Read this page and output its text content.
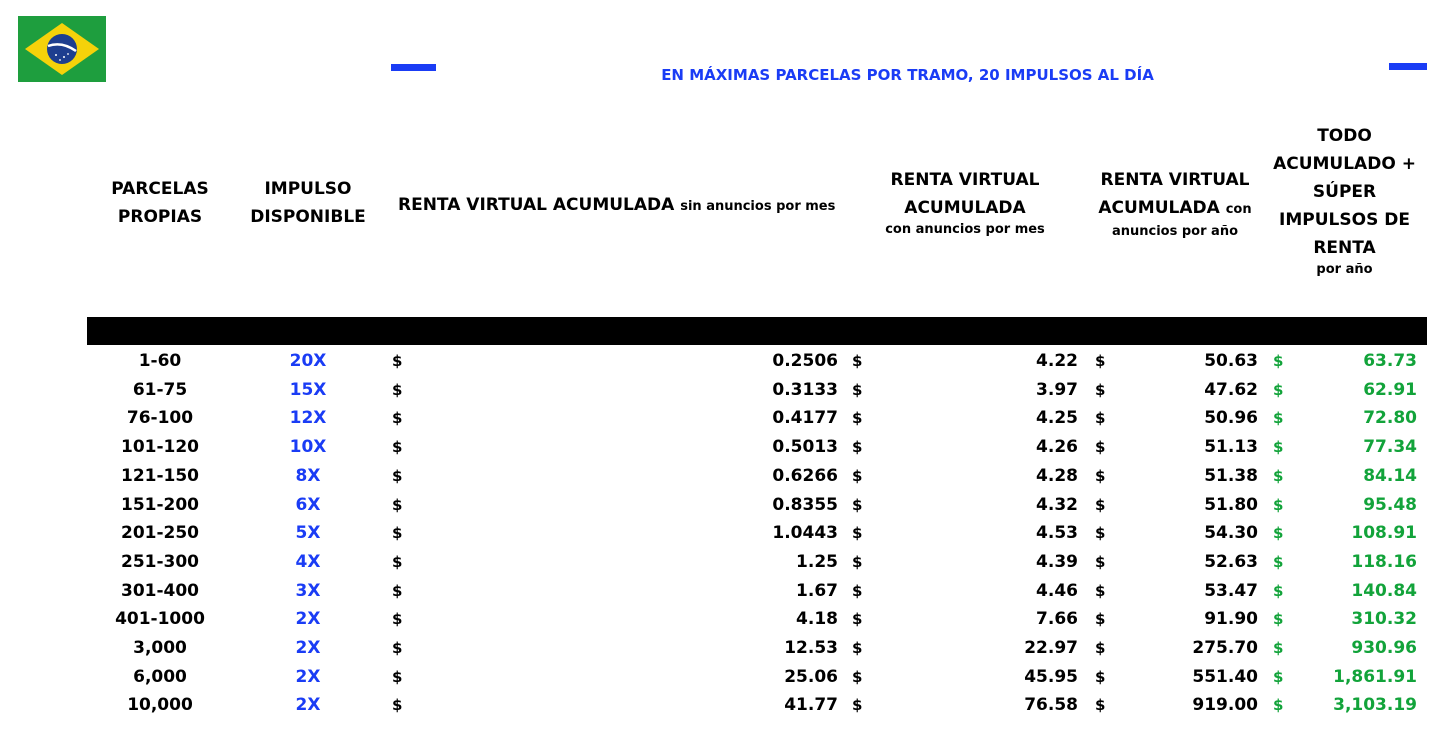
EN MÁXIMAS PARCELAS POR TRAMO, 20 IMPULSOS AL DÍA
PARCELAS
PROPIAS
IMPULSO
DISPONIBLE
RENTA VIRTUAL ACUMULADA sin anuncios por mes
RENTA VIRTUAL
ACUMULADA
con anuncios por mes
RENTA VIRTUAL
ACUMULADA con
anuncios por año
TODO
ACUMULADO +
SÚPER
IMPULSOS DE
RENTA
por año
1-60	20X	$	0.2506 $	4.22 $	50.63 $	63.73
61-75	15X	$	0.3133 $	3.97 $	47.62 $	62.91
76-100	12X	$	0.4177 $	4.25 $	50.96 $	72.80
101-120	10X	$	0.5013 $	4.26 $	51.13 $	77.34
121-150	8X	$	0.6266 $	4.28 $	51.38 $	84.14
151-200	6X	$	0.8355 $	4.32 $	51.80 $	95.48
201-250	5X	$	1.0443 $	4.53 $	54.30 $	108.91
251-300	4X	$	1.25 $	4.39 $	52.63 $	118.16
301-400	3X	$	1.67 $	4.46 $	53.47 $	140.84
401-1000	2X	$	4.18 $	7.66 $	91.90 $	310.32
3,000	2X	$	12.53 $	22.97 $	275.70 $	930.96
6,000	2X	$	25.06 $	45.95 $	551.40 $	1,861.91
10,000	2X	$	41.77 $	76.58 $	919.00 $	3,103.19
